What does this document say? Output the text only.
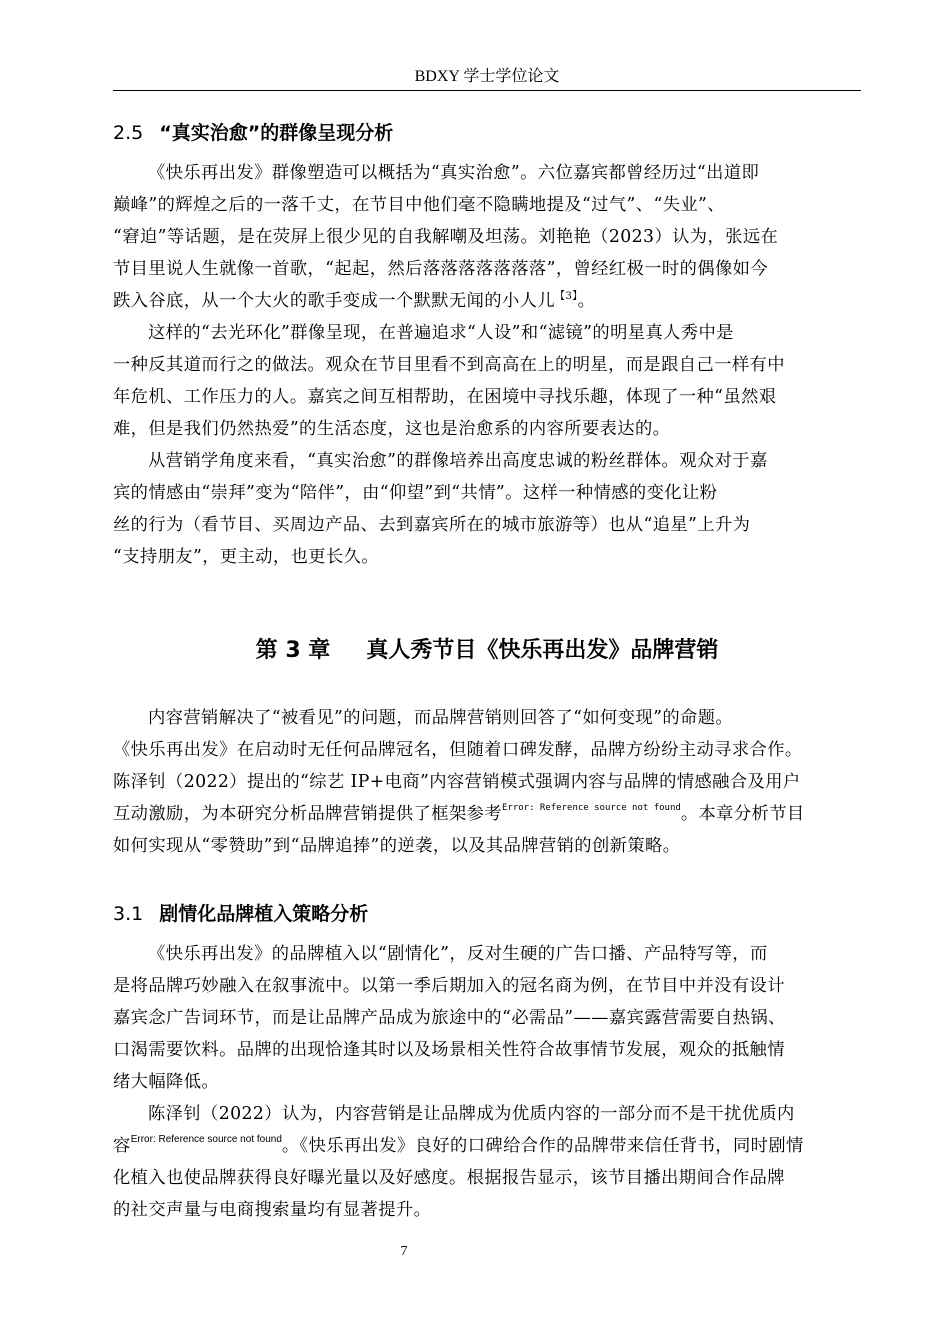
BDXY 学士学位论文
2.5 “真实治愈”的群像呈现分析
《快乐再出发》群像塑造可以概括为“真实治愈”。六位嘉宾都曾经历过“出道即
巅峰”的辉煌之后的一落千丈，在节目中他们毫不隐瞒地提及“过气”、“失业”、
“窘迫”等话题，是在荧屏上很少见的自我解嘲及坦荡。刘艳艳（2023）认为，张远在
节目里说人生就像一首歌，“起起，然后落落落落落落落”，曾经红极一时的偶像如今
跌入谷底，从一个大火的歌手变成一个默默无闻的小人儿$^{【3】}$。
这样的“去光环化”群像呈现，在普遍追求“人设”和“滤镜”的明星真人秀中是
一种反其道而行之的做法。观众在节目里看不到高高在上的明星，而是跟自己一样有中
年危机、工作压力的人。嘉宾之间互相帮助，在困境中寻找乐趣，体现了一种“虽然艰
难，但是我们仍然热爱”的生活态度，这也是治愈系的内容所要表达的。
从营销学角度来看，“真实治愈”的群像培养出高度忠诚的粉丝群体。观众对于嘉
宾的情感由“崇拜”变为“陪伴”，由“仰望”到“共情”。这样一种情感的变化让粉
丝的行为（看节目、买周边产品、去到嘉宾所在的城市旅游等）也从“追星”上升为
“支持朋友”，更主动，也更长久。
第 3 章 真人秀节目《快乐再出发》品牌营销
内容营销解决了“被看见”的问题，而品牌营销则回答了“如何变现”的命题。
《快乐再出发》在启动时无任何品牌冠名，但随着口碑发酵，品牌方纷纷主动寻求合作。
陈泽钊（2022）提出的“综艺 IP+电商”内容营销模式强调内容与品牌的情感融合及用户
互动激励，为本研究分析品牌营销提供了框架参考$^{Error: Reference source not found}$。本章分析节目
如何实现从“零赞助”到“品牌追捧”的逆袭，以及其品牌营销的创新策略。
3.1 剧情化品牌植入策略分析
《快乐再出发》的品牌植入以“剧情化”，反对生硬的广告口播、产品特写等，而
是将品牌巧妙融入在叙事流中。以第一季后期加入的冠名商为例，在节目中并没有设计
嘉宾念广告词环节，而是让品牌产品成为旅途中的“必需品”——嘉宾露营需要自热锅、
口渴需要饮料。品牌的出现恰逢其时以及场景相关性符合故事情节发展，观众的抵触情
绪大幅降低。
陈泽钊（2022）认为，内容营销是让品牌成为优质内容的一部分而不是干扰优质内
容$^{Error: Reference source not found}$。《快乐再出发》良好的口碑给合作的品牌带来信任背书，同时剧情
化植入也使品牌获得良好曝光量以及好感度。根据报告显示，该节目播出期间合作品牌
的社交声量与电商搜索量均有显著提升。
7
